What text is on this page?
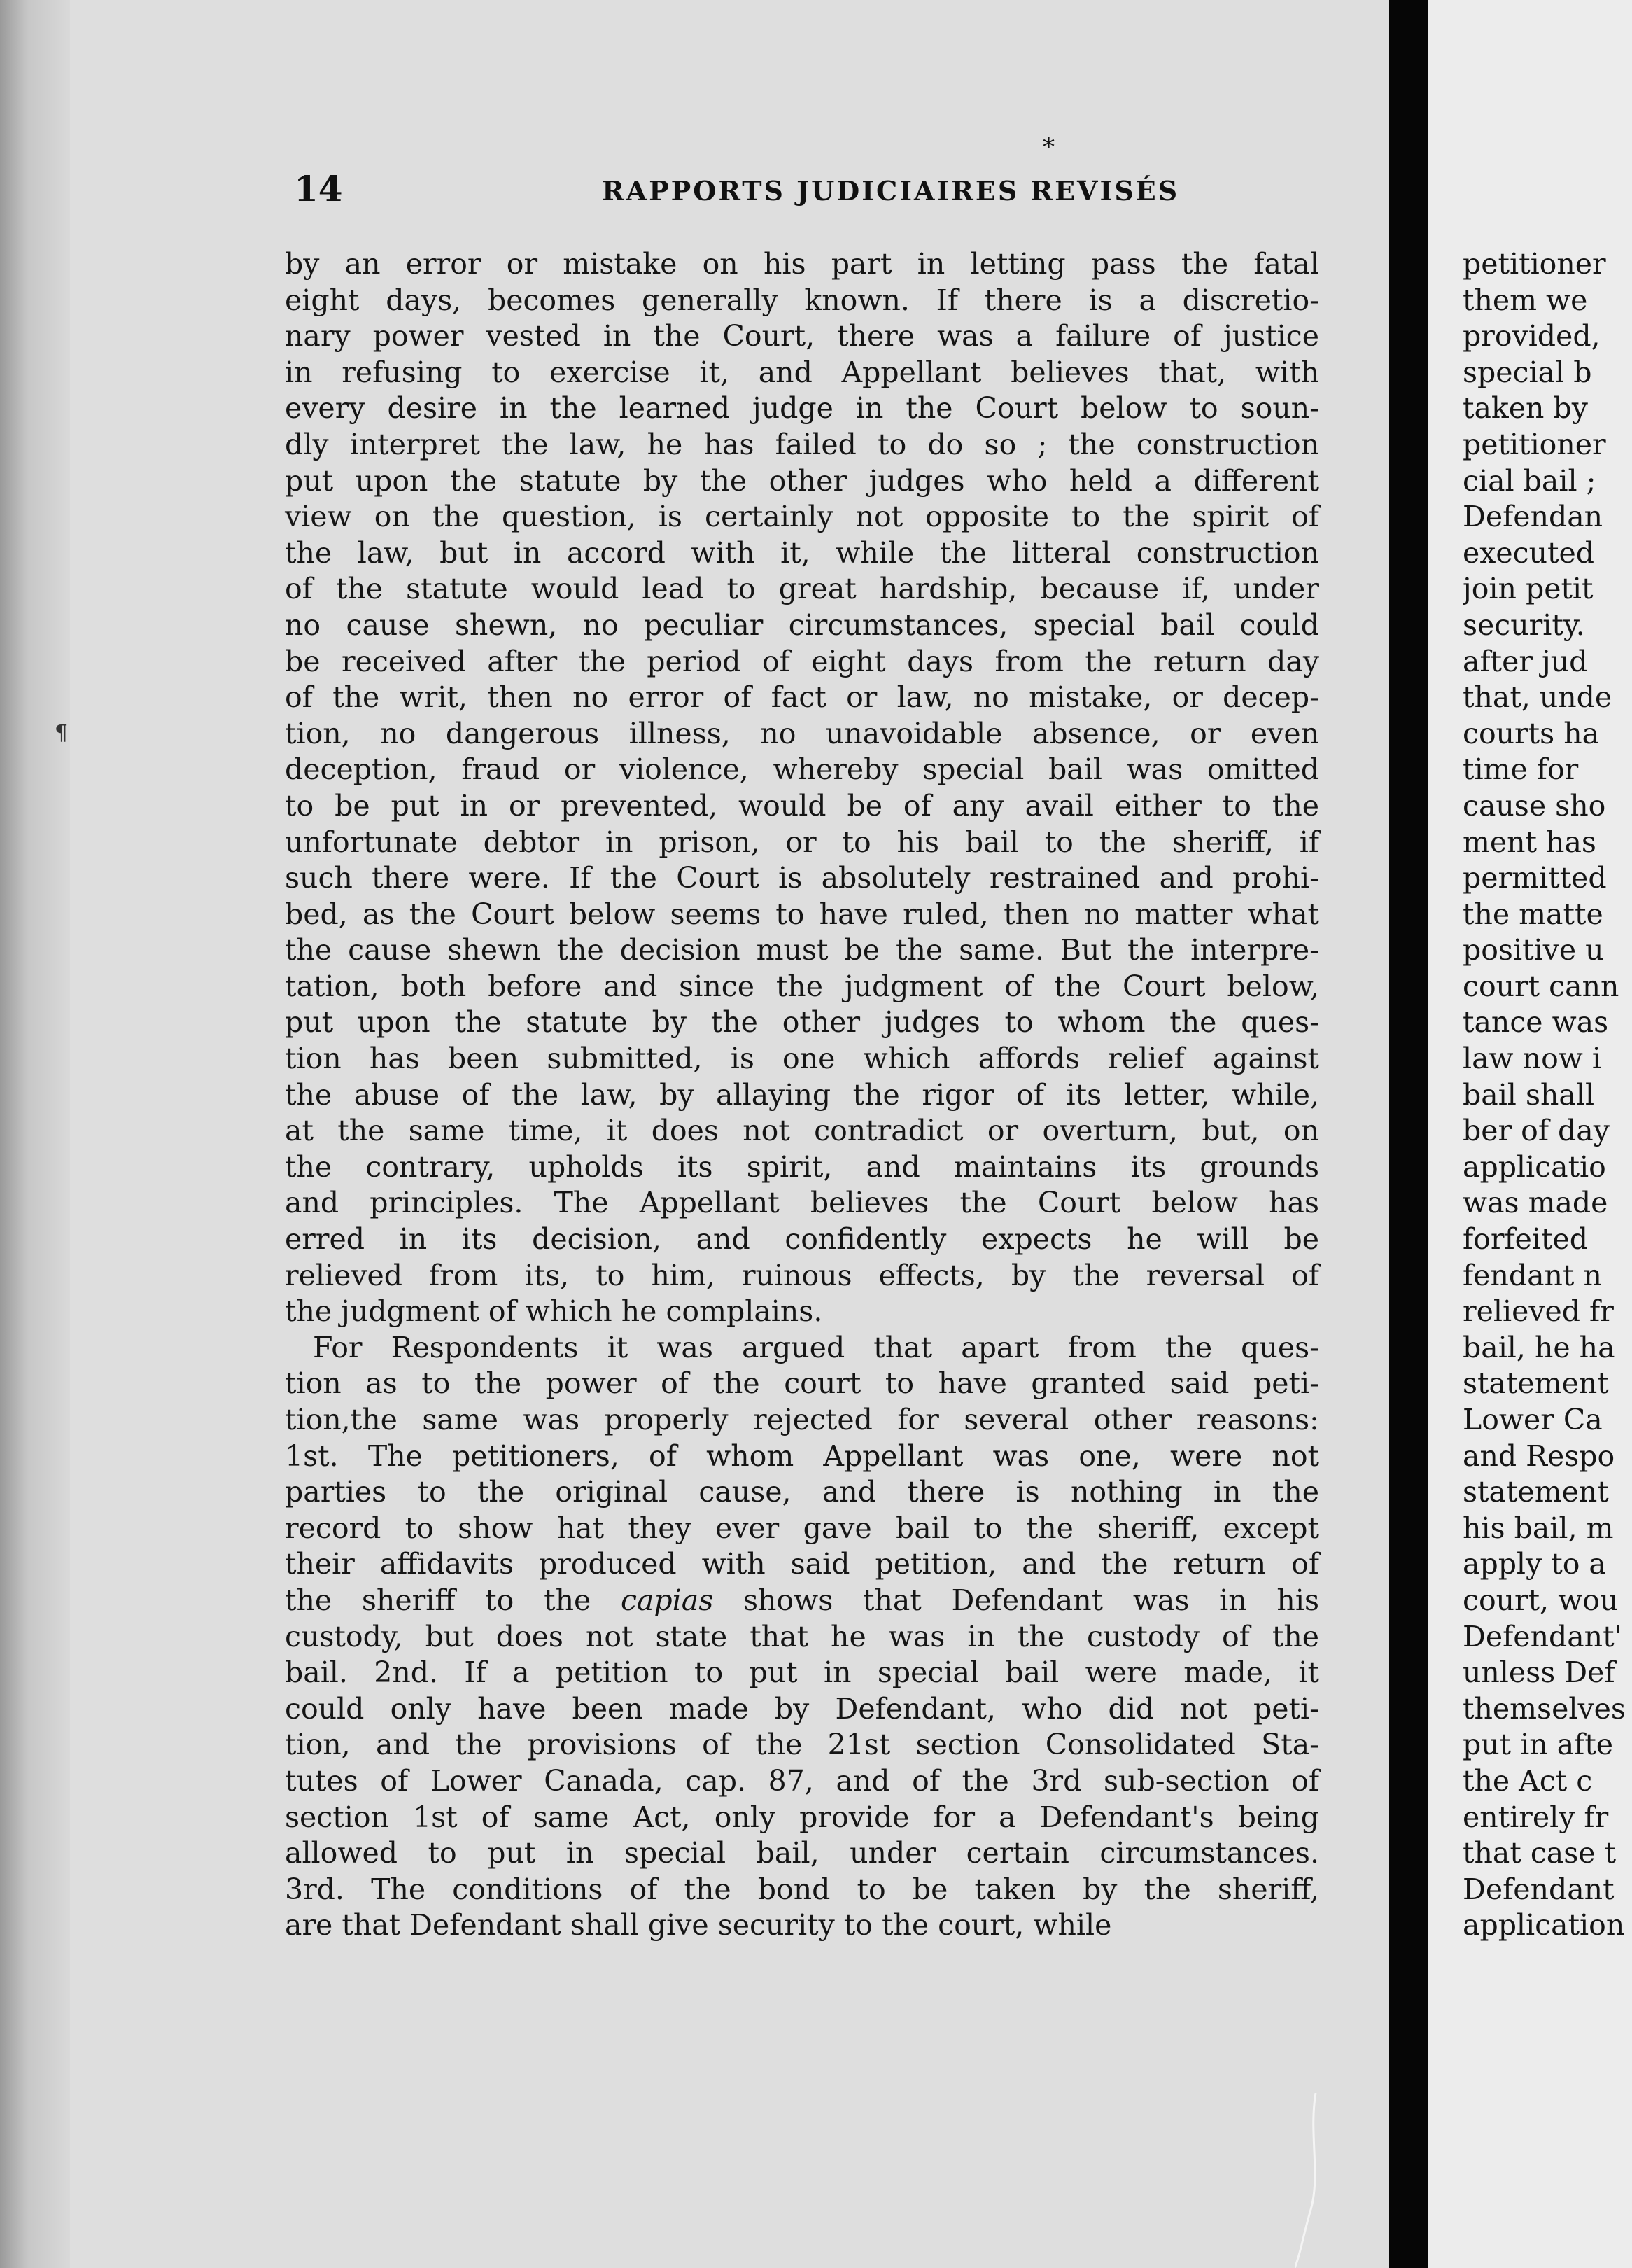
¶
*
14	RAPPORTS JUDICIAIRES REVISÉS
by an error or mistake on his part in letting pass the fatal
eight days, becomes generally known. If there is a discretio-
nary power vested in the Court, there was a failure of justice
in refusing to exercise it, and Appellant believes that, with
every desire in the learned judge in the Court below to soun-
dly interpret the law, he has failed to do so ; the construction
put upon the statute by the other judges who held a different
view on the question, is certainly not opposite to the spirit of
the law, but in accord with it, while the litteral construction
of the statute would lead to great hardship, because if, under
no cause shewn, no peculiar circumstances, special bail could
be received after the period of eight days from the return day
of the writ, then no error of fact or law, no mistake, or decep-
tion, no dangerous illness, no unavoidable absence, or even
deception, fraud or violence, whereby special bail was omitted
to be put in or prevented, would be of any avail either to the
unfortunate debtor in prison, or to his bail to the sheriff, if
such there were. If the Court is absolutely restrained and prohi-
bed, as the Court below seems to have ruled, then no matter what
the cause shewn the decision must be the same. But the interpre-
tation, both before and since the judgment of the Court below,
put upon the statute by the other judges to whom the ques-
tion has been submitted, is one which affords relief against
the abuse of the law, by allaying the rigor of its letter, while,
at the same time, it does not contradict or overturn, but, on
the contrary, upholds its spirit, and maintains its grounds
and principles. The Appellant believes the Court below has
erred in its decision, and confidently expects he will be
relieved from its, to him, ruinous effects, by the reversal of
the judgment of which he complains.
For Respondents it was argued that apart from the ques-
tion as to the power of the court to have granted said peti-
tion,the same was properly rejected for several other reasons:
1st. The petitioners, of whom Appellant was one, were not
parties to the original cause, and there is nothing in the
record to show hat they ever gave bail to the sheriff, except
their affidavits produced with said petition, and the return of
the sheriff to the capias shows that Defendant was in his
custody, but does not state that he was in the custody of the
bail. 2nd. If a petition to put in special bail were made, it
could only have been made by Defendant, who did not peti-
tion, and the provisions of the 21st section Consolidated Sta-
tutes of Lower Canada, cap. 87, and of the 3rd sub-section of
section 1st of same Act, only provide for a Defendant's being
allowed to put in special bail, under certain circumstances.
3rd. The conditions of the bond to be taken by the sheriff,
are that Defendant shall give security to the court, while
petitioner
them we
provided,
special b
taken by
petitioner
cial bail ;
Defendan
executed
join petit
security.
after jud
that, unde
courts ha
time for
cause sho
ment has
permitted
the matte
positive u
court cann
tance was
law now i
bail shall
ber of day
applicatio
was made
forfeited
fendant n
relieved fr
bail, he ha
statement
Lower Ca
and Respo
statement
his bail, m
apply to a
court, wou
Defendant'
unless Def
themselves
put in afte
the Act c
entirely fr
that case t
Defendant
application
